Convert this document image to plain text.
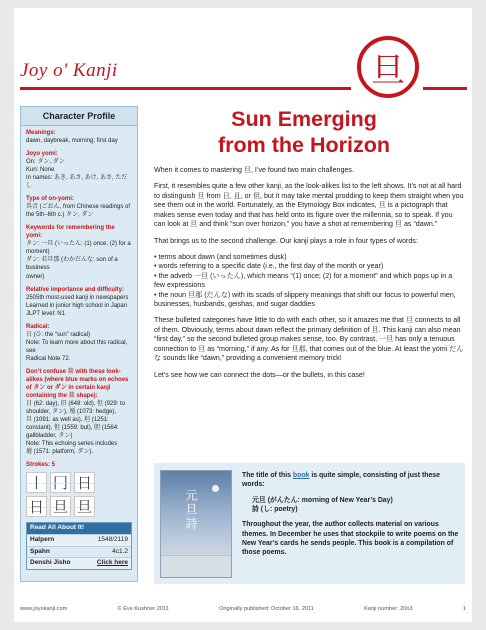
Joy o' Kanji	旦
Character Profile
Meanings:
dawn, daybreak, morning; first day
Joyo yomi:
On: タン, ダン
Kun: None
In names: あき, あさ, あけ, あさ, ただし
Type of on-yomi:
呉音 (ごおん, from Chinese readings of
the 5th–6th c.) タン, ダン
Keywords for remembering the yomi:
タン: 一旦 (いったん; (1) once; (2) for a
moment)
ダン: 若旦那 (わかだんな: son of a business
owner)
Relative importance and difficulty:
2505th most-used kanji in newspapers
Learned in junior high school in Japan
JLPT level: N1
Radical:
日 (ひ: the “sun” radical)
Note: To learn more about this radical, see
Radical Note 72.
Don’t confuse 旦 with these look-alikes (where blue marks on echoes of タン or ダン in certain kanji containing the 旦 shape):
日 (62: day), 旧 (648: old), 但 (929: to
shoulder, タン), 壇 (1073: hedge),
旦 (1091: as well as), 坦 (1251:
constant), 但 (1559: but), 胆 (1564:
gallbladder, タン)
Note: This echoing series includes
壇 (1571: platform, ダン).
Strokes: 5
丨 冂 日
日 旦 旦
Read All About It!
Halpern	1548/2119
Spahn	4c1.2
Denshi Jisho	Click here
Sun Emerging
from the Horizon

When it comes to mastering 旦, I’ve found two main challenges.

First, it resembles quite a few other kanji, as the look-alikes list to the left shows. It’s not at all hard to distinguish 旦 from 日, 且, or 但, but it may take mental prodding to keep them straight when you see them out in the world. Fortunately, as the Etymology Box indicates, 旦 is a pictograph that makes sense even today and that has held onto its figure over the millennia, so to speak. If you can look at 旦 and think “sun over horizon,” you have a shot at remembering 旦 as “dawn.”

That brings us to the second challenge. Our kanji plays a role in four types of words:

• terms about dawn (and sometimes dusk)
• words referring to a specific date (i.e., the first day of the month or year)
• the adverb 一旦 (いったん), which means “(1) once; (2) for a moment” and which pops up in a few expressions
• the noun 旦那 (だんな) with its scads of slippery meanings that shift our focus to powerful men, businesses, husbands, geishas, and sugar daddies

These bulleted categories have little to do with each other, so it amazes me that 旦 connects to all of them. Obviously, terms about dawn reflect the primary definition of 旦. This kanji can also mean “first day,” so the second bulleted group makes sense, too. By contrast, 一旦 has only a tenuous connection to 旦 as “morning,” if any. As for 旦那, that comes out of the blue. At least the yomi だんな sounds like “dawn,” providing a convenient memory trick!

Let’s see how we can connect the dots—or the bullets, in this case!

元旦詩

The title of this book is quite simple, consisting of just these words:

元旦 (がんたん: morning of New Year’s Day)
詩 (し: poetry)

Throughout the year, the author collects material on various themes. In December he uses that stockpile to write poems on the New Year’s cards he sends people. This book is a compilation of those poems.

www.joyokanji.com	© Eve Kushner 2011	Originally published: October 16, 2011	Kanji number: 20n3	1
